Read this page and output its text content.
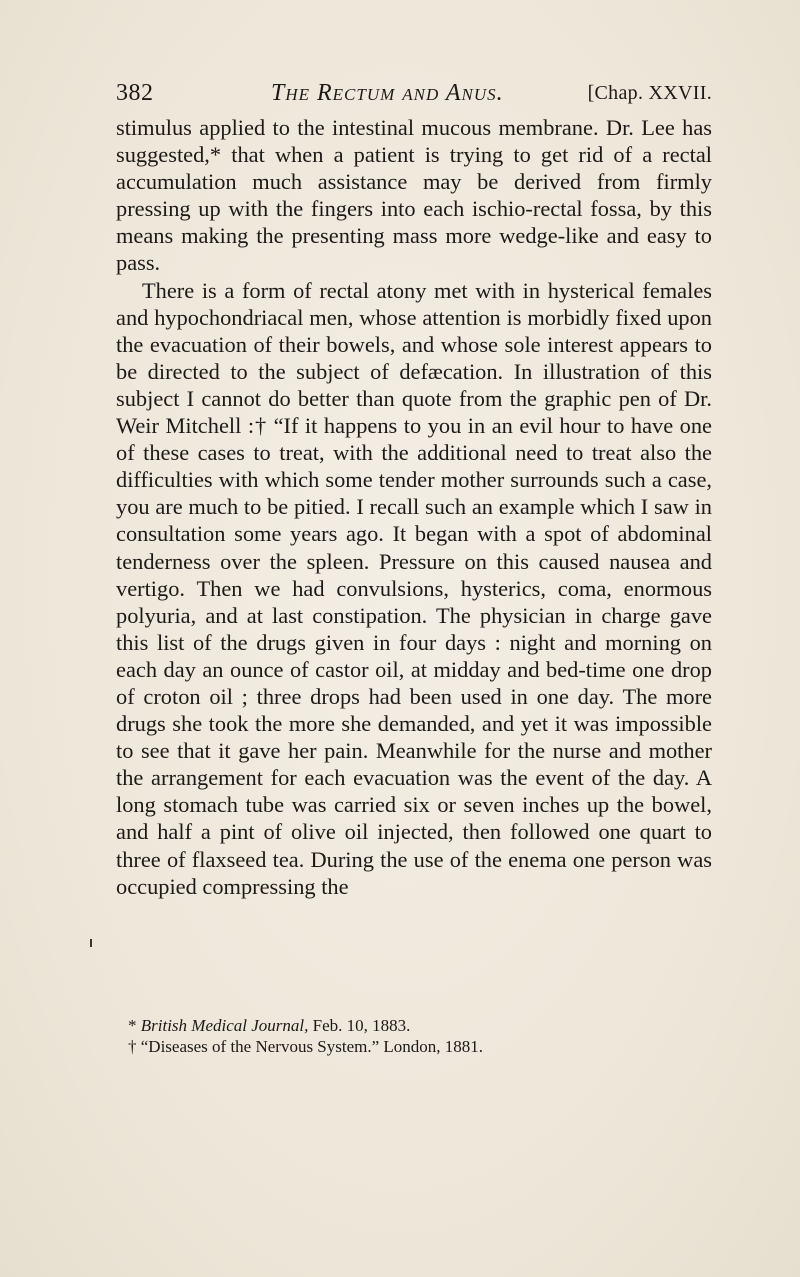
382	The Rectum and Anus.	[Chap. XXVII.

stimulus applied to the intestinal mucous membrane. Dr. Lee has suggested,* that when a patient is trying to get rid of a rectal accumulation much assistance may be derived from firmly pressing up with the fingers into each ischio-rectal fossa, by this means making the presenting mass more wedge-like and easy to pass.

There is a form of rectal atony met with in hysterical females and hypochondriacal men, whose attention is morbidly fixed upon the evacuation of their bowels, and whose sole interest appears to be directed to the subject of defæcation. In illustration of this subject I cannot do better than quote from the graphic pen of Dr. Weir Mitchell :† “If it happens to you in an evil hour to have one of these cases to treat, with the additional need to treat also the difficulties with which some tender mother surrounds such a case, you are much to be pitied. I recall such an example which I saw in consultation some years ago. It began with a spot of abdominal tenderness over the spleen. Pressure on this caused nausea and vertigo. Then we had convulsions, hysterics, coma, enormous polyuria, and at last constipation. The physician in charge gave this list of the drugs given in four days : night and morning on each day an ounce of castor oil, at midday and bed-time one drop of croton oil ; three drops had been used in one day. The more drugs she took the more she demanded, and yet it was impossible to see that it gave her pain. Meanwhile for the nurse and mother the arrangement for each evacuation was the event of the day. A long stomach tube was carried six or seven inches up the bowel, and half a pint of olive oil injected, then followed one quart to three of flaxseed tea. During the use of the enema one person was occupied compressing the

* British Medical Journal, Feb. 10, 1883.

† “Diseases of the Nervous System.” London, 1881.
